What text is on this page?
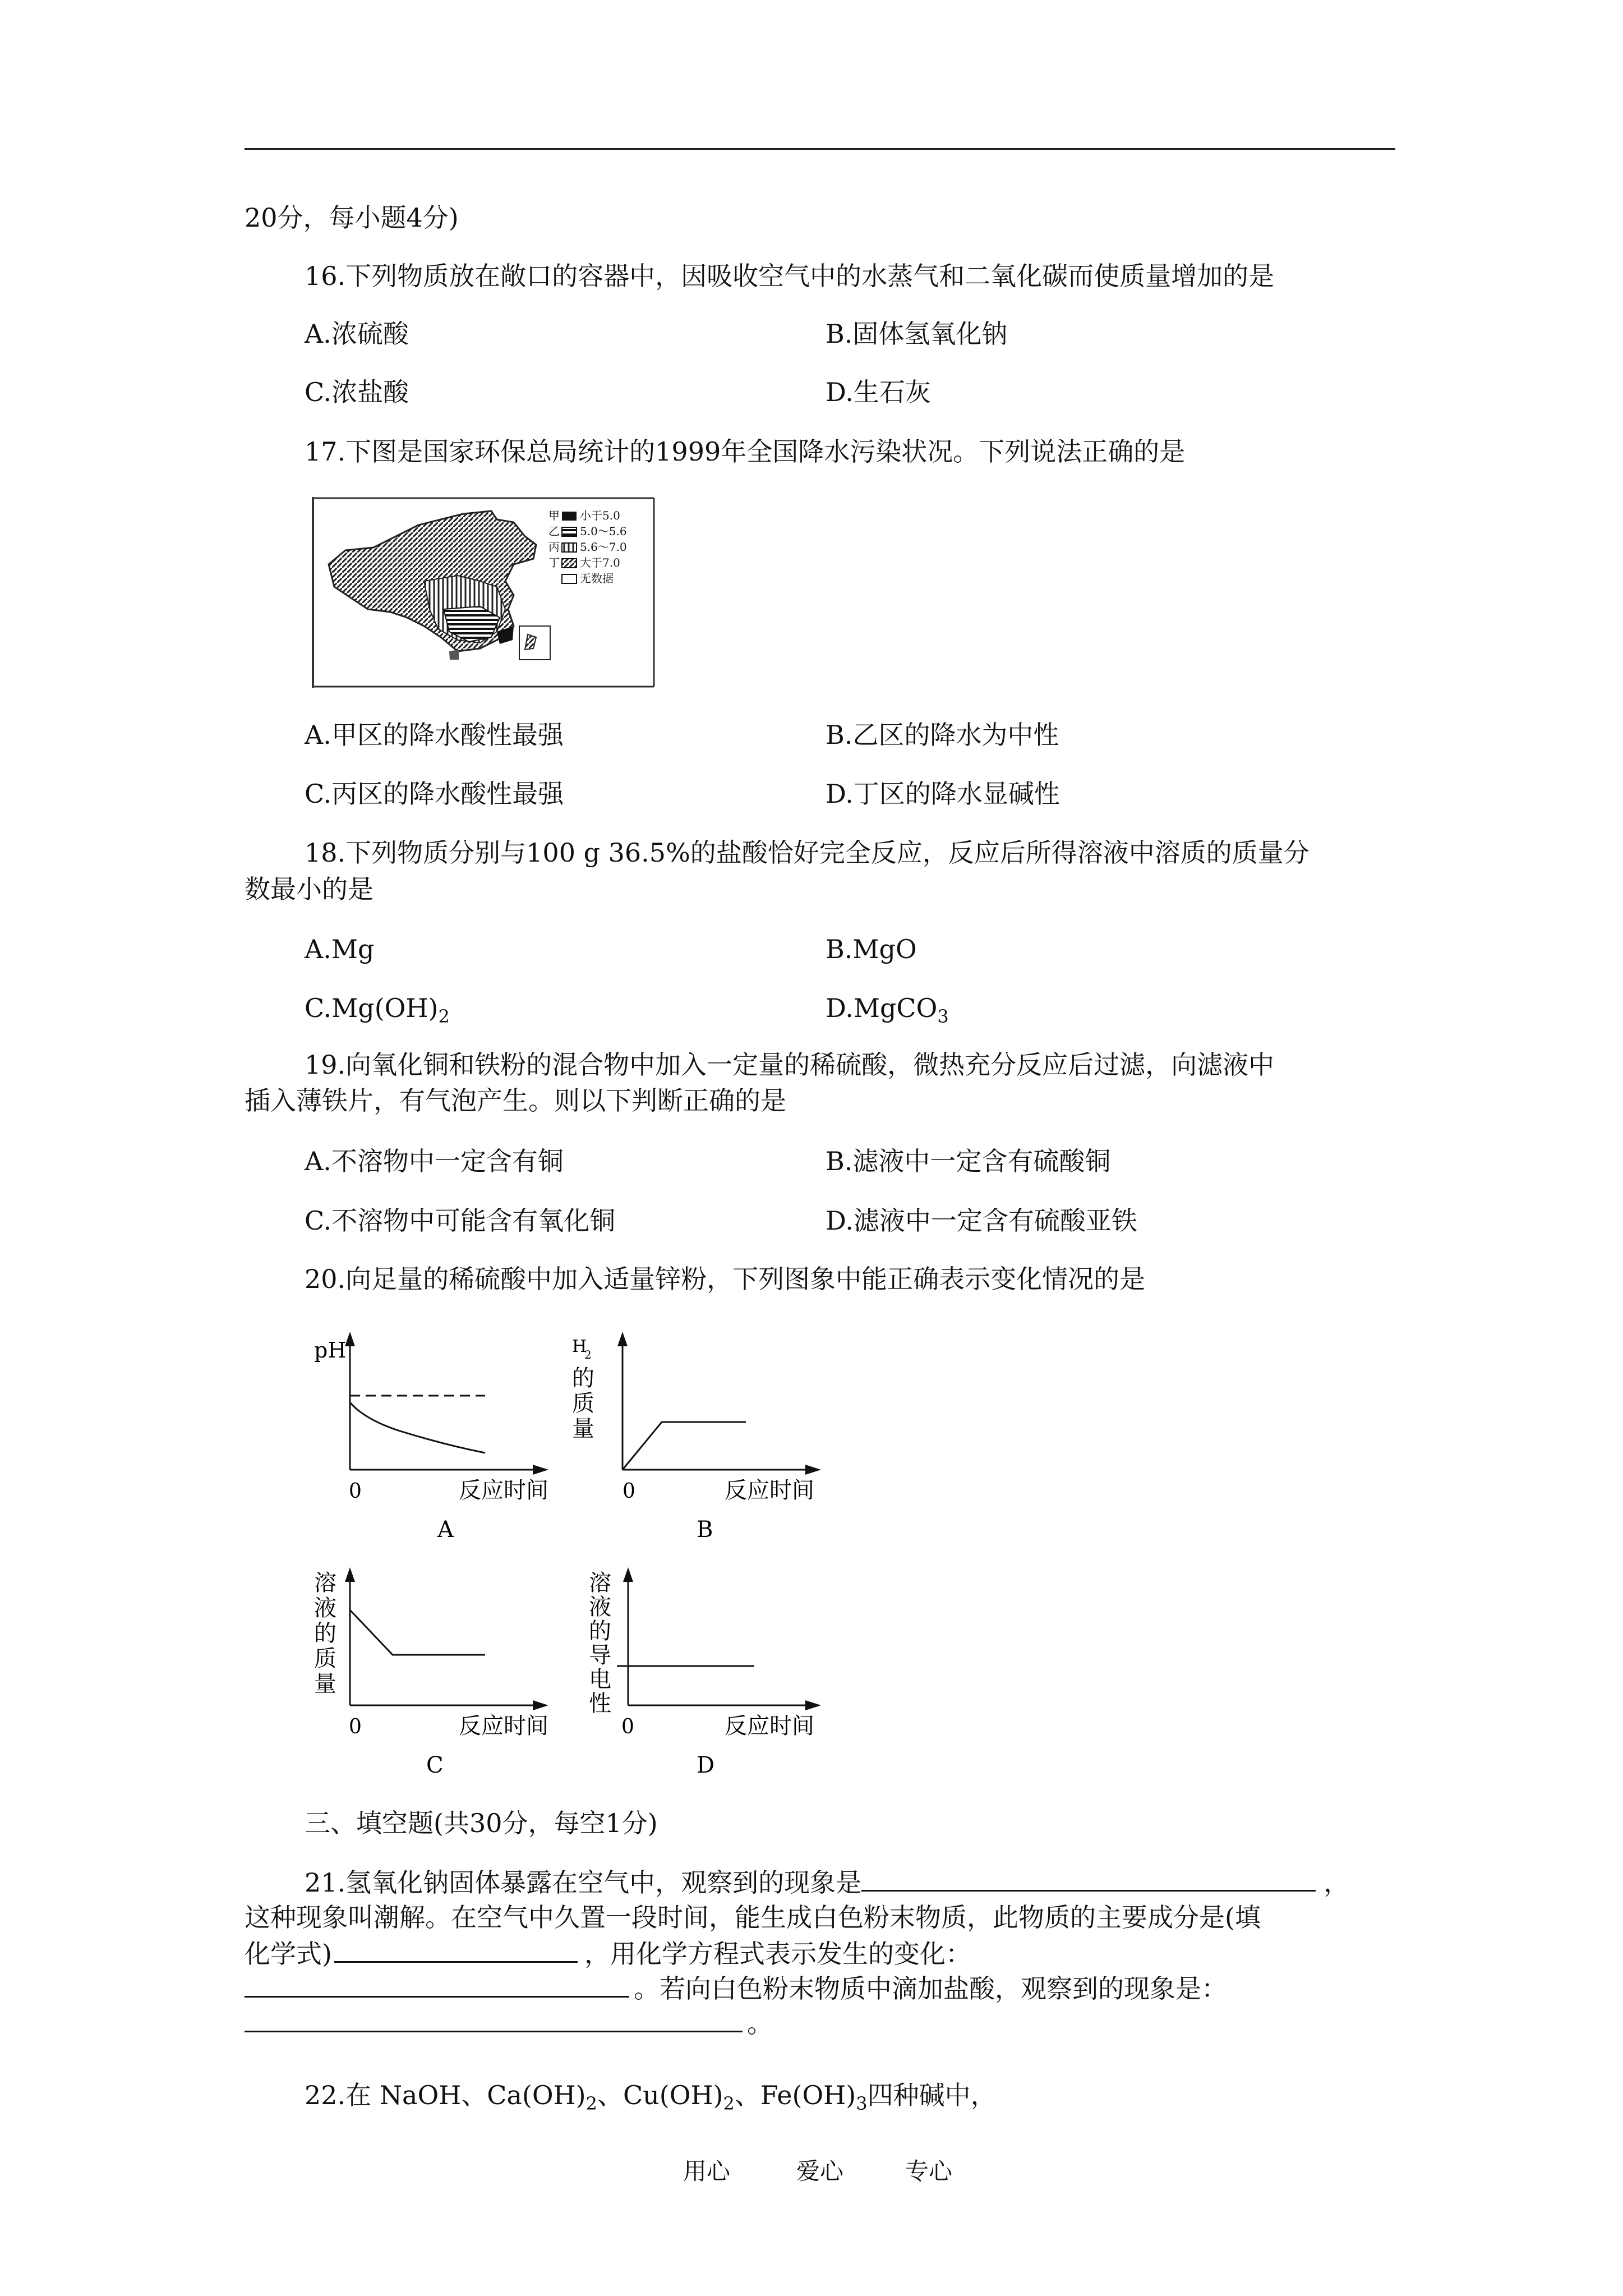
20分，每小题4分)
16.下列物质放在敞口的容器中，因吸收空气中的水蒸气和二氧化碳而使质量增加的是
A.浓硫酸	B.固体氢氧化钠
C.浓盐酸	D.生石灰
17.下图是国家环保总局统计的1999年全国降水污染状况。下列说法正确的是
甲 小于5.0
乙 5.0～5.6
丙 5.6～7.0
丁 大于7.0
无数据
A.甲区的降水酸性最强	B.乙区的降水为中性
C.丙区的降水酸性最强	D.丁区的降水显碱性
18.下列物质分别与100 g 36.5%的盐酸恰好完全反应，反应后所得溶液中溶质的质量分
数最小的是
A.Mg	B.MgO
$C.Mg(OH)_2$	D.MgCO$_3$
19.向氧化铜和铁粉的混合物中加入一定量的稀硫酸，微热充分反应后过滤，向滤液中
插入薄铁片，有气泡产生。则以下判断正确的是
A.不溶物中一定含有铜	B.滤液中一定含有硫酸铜
C.不溶物中可能含有氧化铜	D.滤液中一定含有硫酸亚铁
20.向足量的稀硫酸中加入适量锌粉，下列图象中能正确表示变化情况的是
pH
0	反应时间
A
H
2
的质量
0	反应时间
B
溶液的质量
0	反应时间
C
溶液的导电性
0	反应时间
D
三、填空题(共30分，每空1分)
21.氢氧化钠固体暴露在空气中，观察到的现象是	，
这种现象叫潮解。在空气中久置一段时间，能生成白色粉末物质，此物质的主要成分是(填
化学式)	，用化学方程式表示发生的变化：
。若向白色粉末物质中滴加盐酸，观察到的现象是：
。
22.在 NaOH、$Ca(OH)_2$、$Cu(OH)_2$、$Fe(OH)_3$四种碱中，
用心	爱心	专心
